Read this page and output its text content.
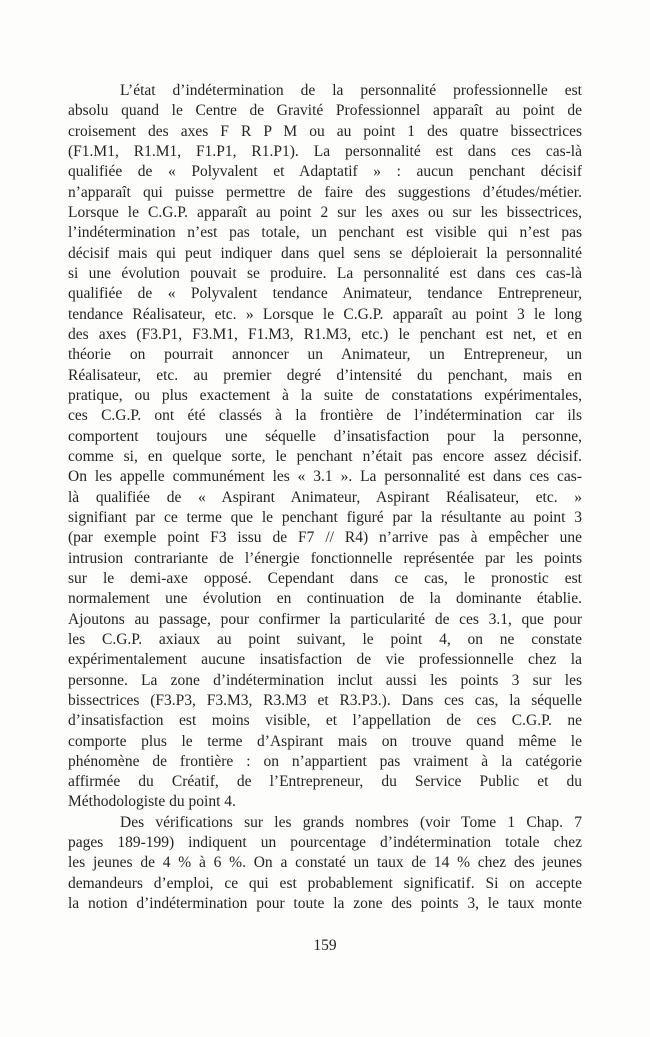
L’état d’indétermination de la personnalité professionnelle est
absolu quand le Centre de Gravité Professionnel apparaît au point de
croisement des axes F R P M ou au point 1 des quatre bissectrices
(F1.M1, R1.M1, F1.P1, R1.P1). La personnalité est dans ces cas-là
qualifiée de « Polyvalent et Adaptatif » : aucun penchant décisif
n’apparaît qui puisse permettre de faire des suggestions d’études/métier.
Lorsque le C.G.P. apparaît au point 2 sur les axes ou sur les bissectrices,
l’indétermination n’est pas totale, un penchant est visible qui n’est pas
décisif mais qui peut indiquer dans quel sens se déploierait la personnalité
si une évolution pouvait se produire. La personnalité est dans ces cas-là
qualifiée de « Polyvalent tendance Animateur, tendance Entrepreneur,
tendance Réalisateur, etc. » Lorsque le C.G.P. apparaît au point 3 le long
des axes (F3.P1, F3.M1, F1.M3, R1.M3, etc.) le penchant est net, et en
théorie on pourrait annoncer un Animateur, un Entrepreneur, un
Réalisateur, etc. au premier degré d’intensité du penchant, mais en
pratique, ou plus exactement à la suite de constatations expérimentales,
ces C.G.P. ont été classés à la frontière de l’indétermination car ils
comportent toujours une séquelle d’insatisfaction pour la personne,
comme si, en quelque sorte, le penchant n’était pas encore assez décisif.
On les appelle communément les « 3.1 ». La personnalité est dans ces cas-
là qualifiée de « Aspirant Animateur, Aspirant Réalisateur, etc. »
signifiant par ce terme que le penchant figuré par la résultante au point 3
(par exemple point F3 issu de F7 // R4) n’arrive pas à empêcher une
intrusion contrariante de l’énergie fonctionnelle représentée par les points
sur le demi-axe opposé. Cependant dans ce cas, le pronostic est
normalement une évolution en continuation de la dominante établie.
Ajoutons au passage, pour confirmer la particularité de ces 3.1, que pour
les C.G.P. axiaux au point suivant, le point 4, on ne constate
expérimentalement aucune insatisfaction de vie professionnelle chez la
personne. La zone d’indétermination inclut aussi les points 3 sur les
bissectrices (F3.P3, F3.M3, R3.M3 et R3.P3.). Dans ces cas, la séquelle
d’insatisfaction est moins visible, et l’appellation de ces C.G.P. ne
comporte plus le terme d’Aspirant mais on trouve quand même le
phénomène de frontière : on n’appartient pas vraiment à la catégorie
affirmée du Créatif, de l’Entrepreneur, du Service Public et du
Méthodologiste du point 4.
Des vérifications sur les grands nombres (voir Tome 1 Chap. 7
pages 189-199) indiquent un pourcentage d’indétermination totale chez
les jeunes de 4 % à 6 %. On a constaté un taux de 14 % chez des jeunes
demandeurs d’emploi, ce qui est probablement significatif. Si on accepte
la notion d’indétermination pour toute la zone des points 3, le taux monte
159
